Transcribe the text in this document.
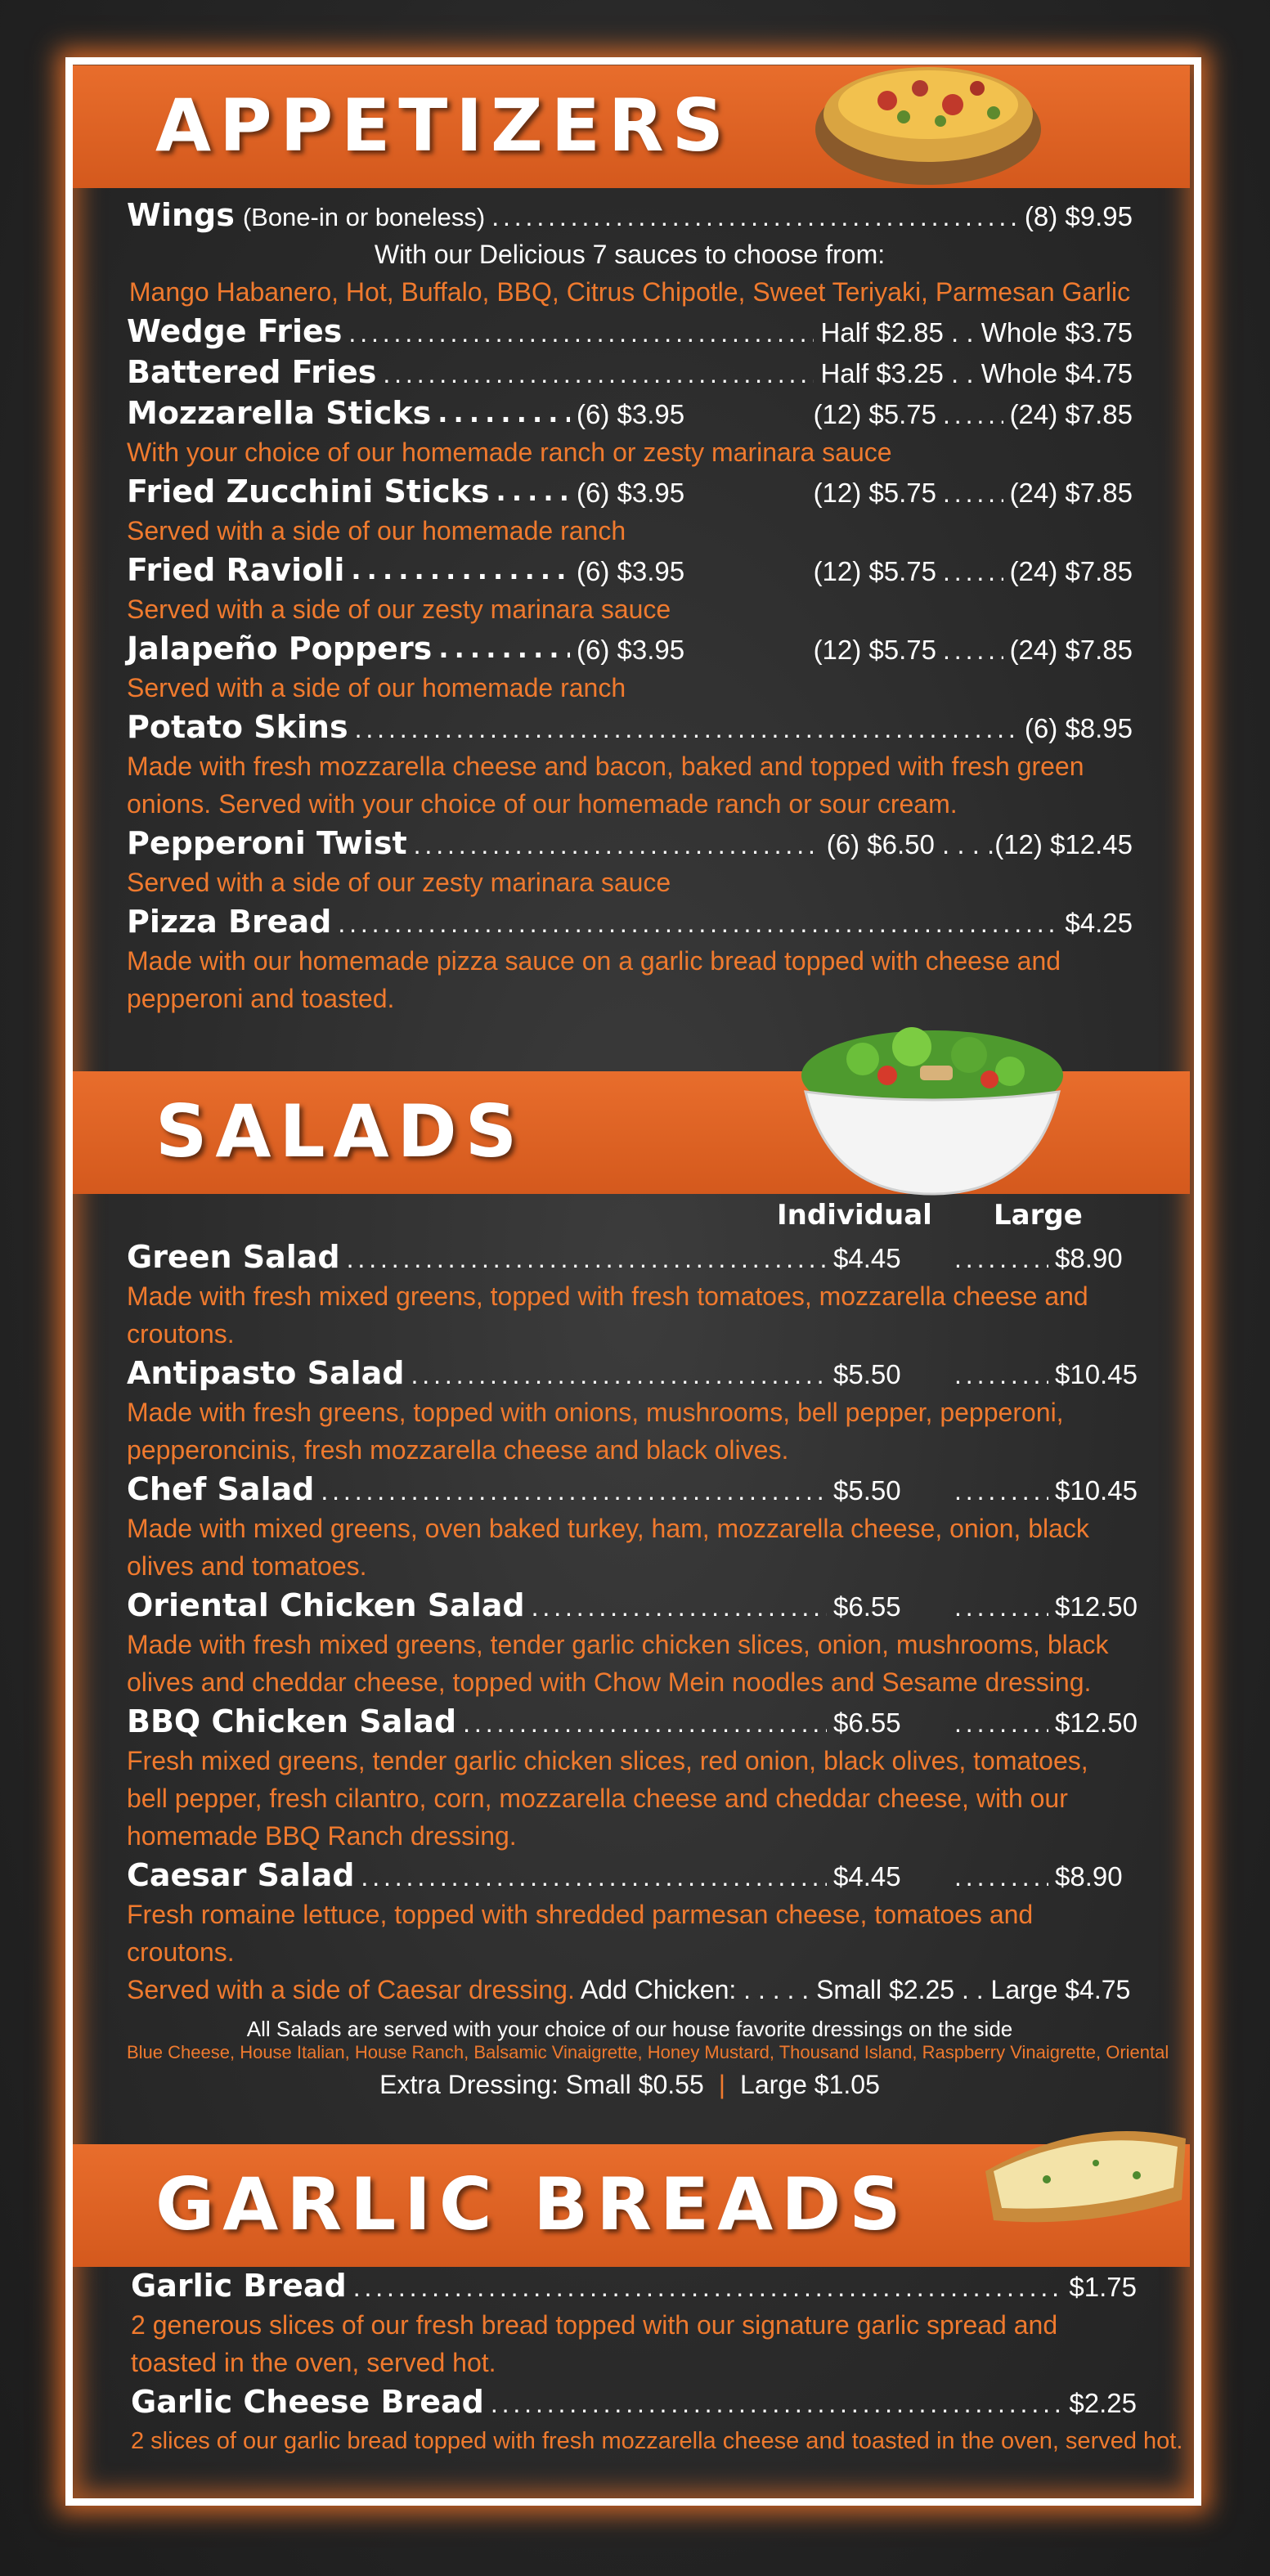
APPETIZERS
Wings (Bone-in or boneless) . . .	(8) $9.95
With our Delicious 7 sauces to choose from:
Mango Habanero, Hot, Buffalo, BBQ, Citrus Chipotle, Sweet Teriyaki, Parmesan Garlic
Wedge Fries . . .	Half $2.85 . . Whole $3.75
Battered Fries . . .	Half $3.25 . . Whole $4.75
Mozzarella Sticks . . .	(6) $3.95	(12) $5.75 . . .	(24) $7.85
With your choice of our homemade ranch or zesty marinara sauce
Fried Zucchini Sticks . . .	(6) $3.95	(12) $5.75 . . .	(24) $7.85
Served with a side of our homemade ranch
Fried Ravioli . . .	(6) $3.95	(12) $5.75 . . .	(24) $7.85
Served with a side of our zesty marinara sauce
Jalapeño Poppers . . .	(6) $3.95	(12) $5.75 . . .	(24) $7.85
Served with a side of our homemade ranch
Potato Skins . . .	(6) $8.95
Made with fresh mozzarella cheese and bacon, baked and topped with fresh green
onions. Served with your choice of our homemade ranch or sour cream.
Pepperoni Twist . . .	(6) $6.50 . . . .(12) $12.45
Served with a side of our zesty marinara sauce
Pizza Bread . . .	$4.25
Made with our homemade pizza sauce on a garlic bread topped with cheese and
pepperoni and toasted.
SALADS
Individual Large
Green Salad . . .	$4.45 . . .	$8.90
Made with fresh mixed greens, topped with fresh tomatoes, mozzarella cheese and
croutons.
Antipasto Salad . . .	$5.50 . . .	$10.45
Made with fresh greens, topped with onions, mushrooms, bell pepper, pepperoni,
pepperoncinis, fresh mozzarella cheese and black olives.
Chef Salad . . .	$5.50 . . .	$10.45
Made with mixed greens, oven baked turkey, ham, mozzarella cheese, onion, black
olives and tomatoes.
Oriental Chicken Salad . . .	$6.55 . . .	$12.50
Made with fresh mixed greens, tender garlic chicken slices, onion, mushrooms, black
olives and cheddar cheese, topped with Chow Mein noodles and Sesame dressing.
BBQ Chicken Salad . . .	$6.55 . . .	$12.50
Fresh mixed greens, tender garlic chicken slices, red onion, black olives, tomatoes,
bell pepper, fresh cilantro, corn, mozzarella cheese and cheddar cheese, with our
homemade BBQ Ranch dressing.
Caesar Salad . . .	$4.45 . . .	$8.90
Fresh romaine lettuce, topped with shredded parmesan cheese, tomatoes and croutons.
Served with a side of Caesar dressing. Add Chicken: . . . . . Small $2.25 . . Large $4.75
All Salads are served with your choice of our house favorite dressings on the side
Blue Cheese, House Italian, House Ranch, Balsamic Vinaigrette, Honey Mustard, Thousand Island, Raspberry Vinaigrette, Oriental
Extra Dressing: Small $0.55 | Large $1.05
GARLIC BREADS
Garlic Bread . . .	$1.75
2 generous slices of our fresh bread topped with our signature garlic spread and
toasted in the oven, served hot.
Garlic Cheese Bread . . .	$2.25
2 slices of our garlic bread topped with fresh mozzarella cheese and toasted in the oven, served hot.
